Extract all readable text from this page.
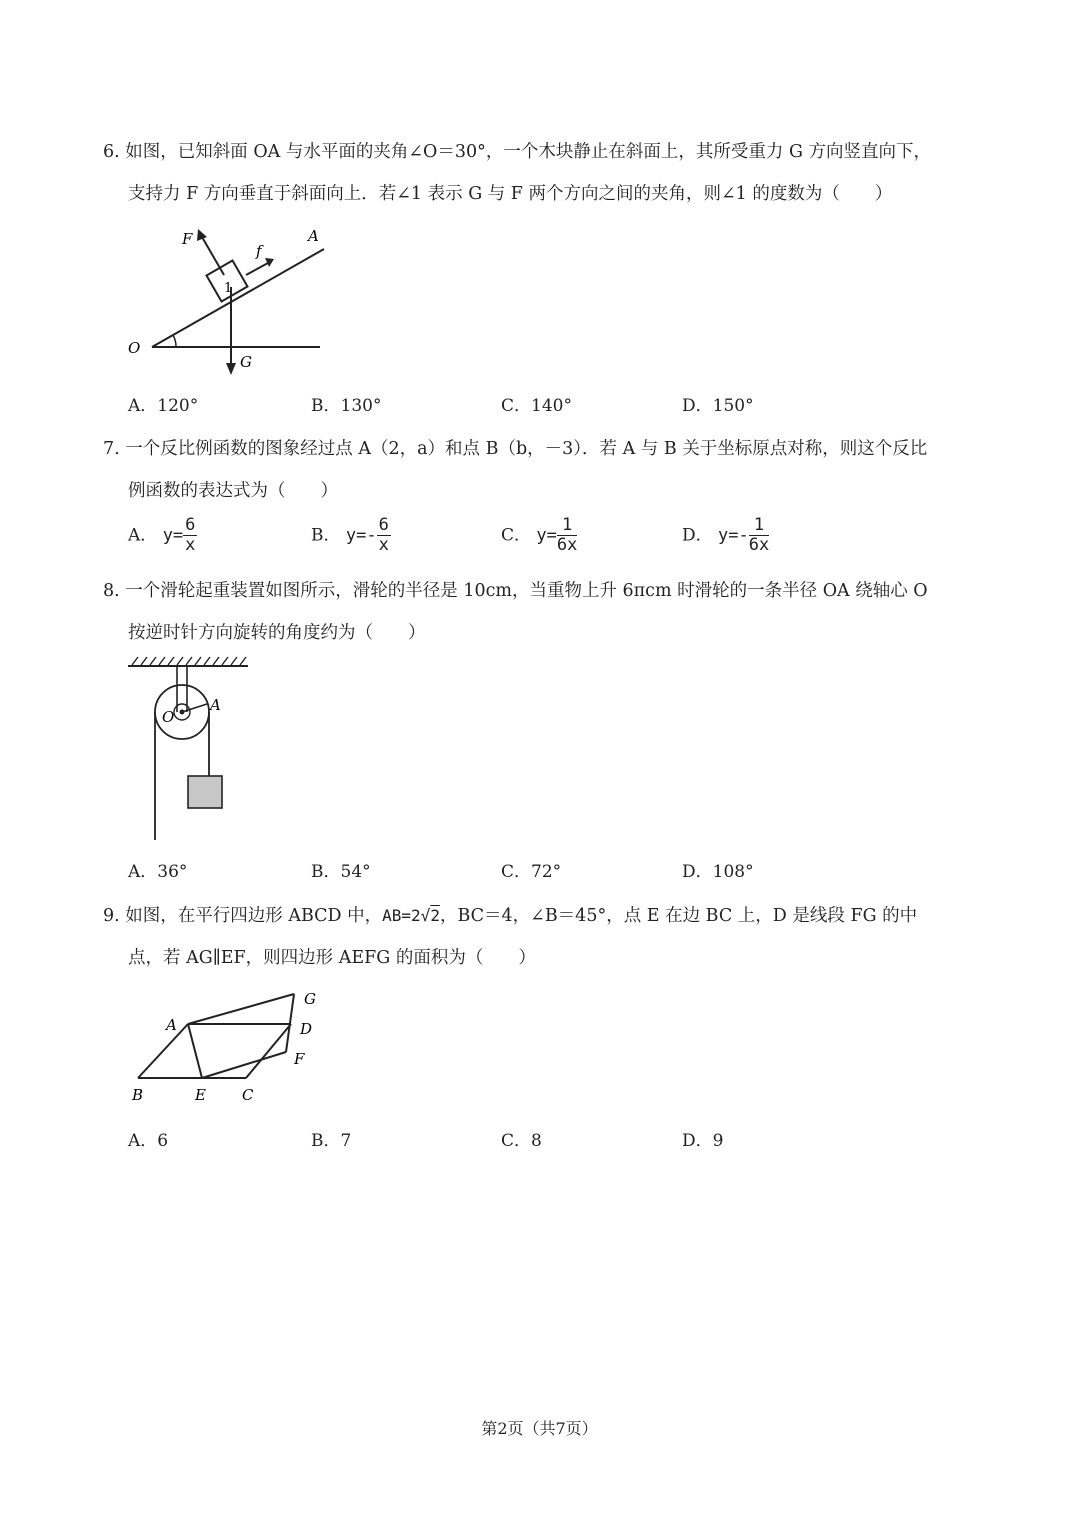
6. 如图，已知斜面 OA 与水平面的夹角∠O＝30°，一个木块静止在斜面上，其所受重力 G 方向竖直向下，
支持力 F 方向垂直于斜面向上．若∠1 表示 G 与 F 两个方向之间的夹角，则∠1 的度数为（　　）
F	A
f
1
O
G
A．120°	B．130°	C．140°	D．150°
7. 一个反比例函数的图象经过点 A（2，a）和点 B（b，－3）．若 A 与 B 关于坐标原点对称，则这个反比
例函数的表达式为（　　）
A． $y= \frac{6}{x}$	B． $y=- \frac{6}{x}$	C． $y= \frac{1}{6x}$	D． $y=- \frac{1}{6x}$
8. 一个滑轮起重装置如图所示，滑轮的半径是 10cm，当重物上升 6πcm 时滑轮的一条半径 OA 绕轴心 O
按逆时针方向旋转的角度约为（　　）
O
A
A．36°	B．54°	C．72°	D．108°
9. 如图，在平行四边形 ABCD 中，AB=2√2，BC＝4，∠B＝45°，点 E 在边 BC 上，D 是线段 FG 的中
点，若 AG∥EF，则四边形 AEFG 的面积为（　　）
G
A	D
F
B	E C
A．6	B．7	C．8	D．9
第2页（共7页）
